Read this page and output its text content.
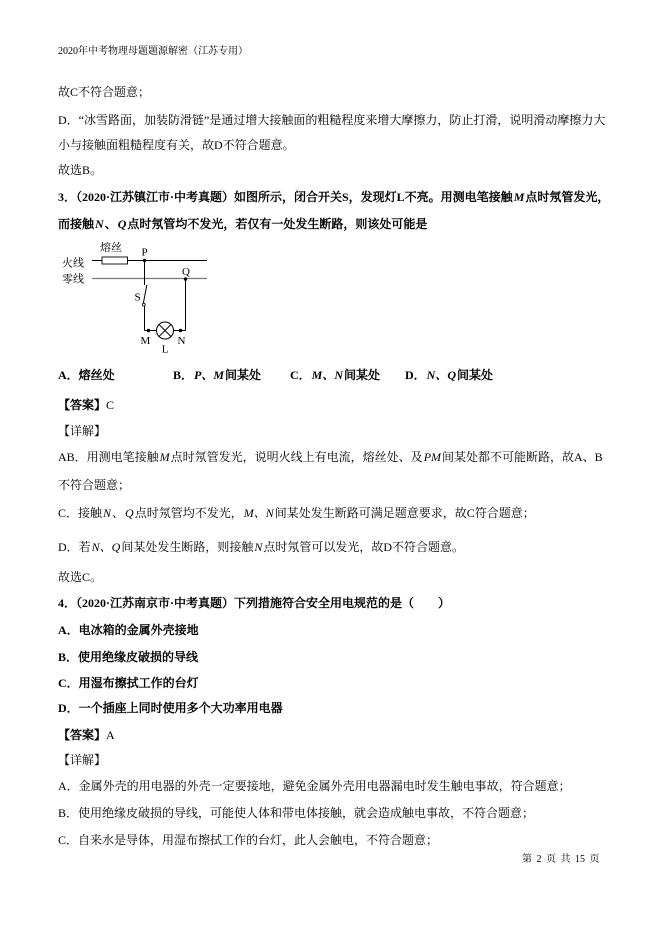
2020年中考物理母题题源解密（江苏专用）
故C不符合题意；
D．“冰雪路面，加装防滑链”是通过增大接触面的粗糙程度来增大摩擦力，防止打滑，说明滑动摩擦力大
小与接触面粗糙程度有关，故D不符合题意。
故选B。
3．（2020·江苏镇江市·中考真题）如图所示，闭合开关S，发现灯L不亮。用测电笔接触M点时氖管发光，
而接触N、Q点时氖管均不发光，若仅有一处发生断路，则该处可能是
熔丝
火线
零线
P
Q
S
M
L
N
A．熔丝处	B．P、M间某处 C．M、N间某处 D．N、Q间某处
【答案】C
【详解】
AB．用测电笔接触M点时氖管发光，说明火线上有电流，熔丝处、及PM间某处都不可能断路，故A、B
不符合题意；
C．接触N、Q点时氖管均不发光，M、N间某处发生断路可满足题意要求，故C符合题意；
D．若N、Q间某处发生断路，则接触N点时氖管可以发光，故D不符合题意。
故选C。
4．（2020·江苏南京市·中考真题）下列措施符合安全用电规范的是（　　）
A．电冰箱的金属外壳接地
B．使用绝缘皮破损的导线
C．用湿布擦拭工作的台灯
D．一个插座上同时使用多个大功率用电器
【答案】A
【详解】
A．金属外壳的用电器的外壳一定要接地，避免金属外壳用电器漏电时发生触电事故，符合题意；
B．使用绝缘皮破损的导线，可能使人体和带电体接触，就会造成触电事故，不符合题意；
C．自来水是导体，用湿布擦拭工作的台灯，此人会触电，不符合题意；
第 2 页 共 15 页
